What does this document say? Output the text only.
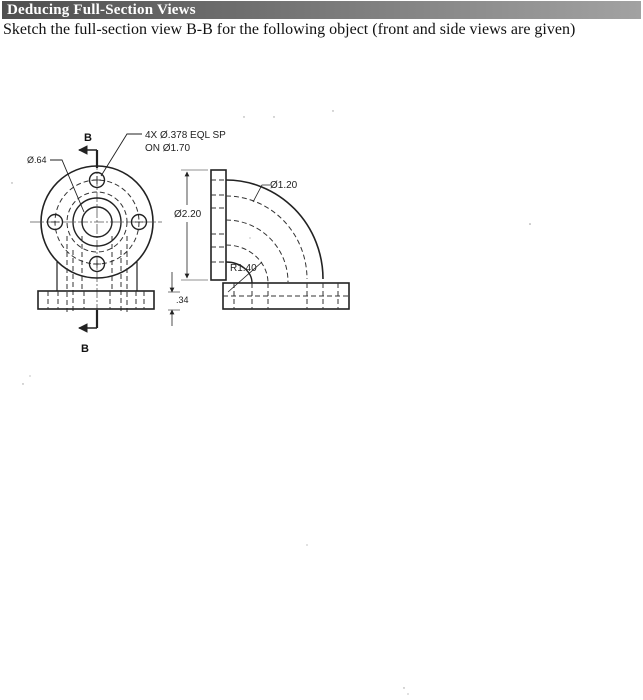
Deducing Full-Section Views
Sketch the full-section view B-B for the following object (front and side views are given)
B
B
4X Ø.378 EQL SP
ON Ø1.70
Ø.64
Ø2.20
Ø1.20
R1.40
.34
